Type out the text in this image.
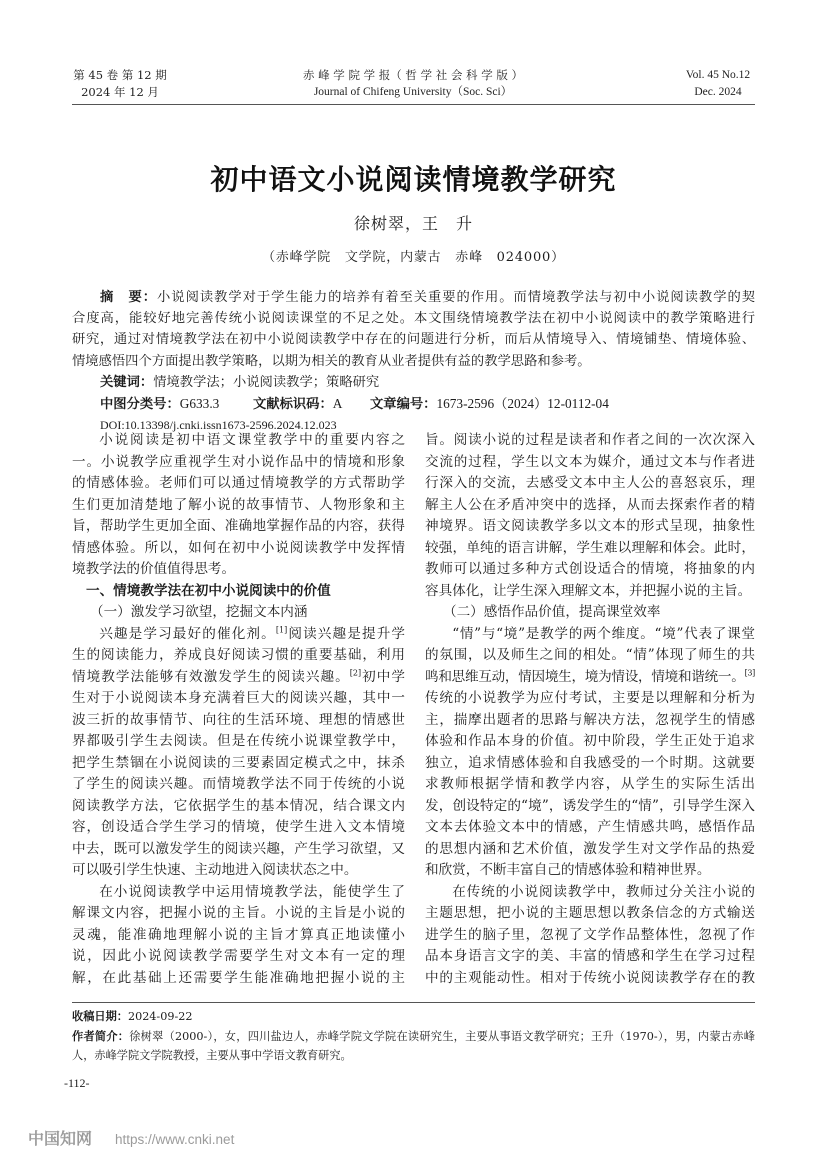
第 45 卷 第 12 期
2024 年 12 月
赤 峰 学 院 学 报（ 哲 学 社 会 科 学 版 ）
Journal of Chifeng University（Soc. Sci）
Vol. 45 No.12
Dec. 2024
初中语文小说阅读情境教学研究
徐树翠，王　升
（赤峰学院　文学院，内蒙古　赤峰　024000）
摘　要：小说阅读教学对于学生能力的培养有着至关重要的作用。而情境教学法与初中小说阅读教学的契
合度高，能较好地完善传统小说阅读课堂的不足之处。本文围绕情境教学法在初中小说阅读中的教学策略进行
研究，通过对情境教学法在初中小说阅读教学中存在的问题进行分析，而后从情境导入、情境铺垫、情境体验、
情境感悟四个方面提出教学策略，以期为相关的教育从业者提供有益的教学思路和参考。
关键词：情境教学法；小说阅读教学；策略研究
中图分类号：G633.3	文献标识码：A 文章编号：1673-2596（2024）12-0112-04
DOI:10.13398/j.cnki.issn1673-2596.2024.12.023
小说阅读是初中语文课堂教学中的重要内容之
一。小说教学应重视学生对小说作品中的情境和形象
的情感体验。老师们可以通过情境教学的方式帮助学
生们更加清楚地了解小说的故事情节、人物形象和主
旨，帮助学生更加全面、准确地掌握作品的内容，获得
情感体验。所以，如何在初中小说阅读教学中发挥情
境教学法的价值值得思考。
一、情境教学法在初中小说阅读中的价值
（一）激发学习欲望，挖掘文本内涵
兴趣是学习最好的催化剂。[1]阅读兴趣是提升学
生的阅读能力，养成良好阅读习惯的重要基础，利用
情境教学法能够有效激发学生的阅读兴趣。[2]初中学
生对于小说阅读本身充满着巨大的阅读兴趣，其中一
波三折的故事情节、向往的生活环境、理想的情感世
界都吸引学生去阅读。但是在传统小说课堂教学中，
把学生禁锢在小说阅读的三要素固定模式之中，抹杀
了学生的阅读兴趣。而情境教学法不同于传统的小说
阅读教学方法，它依据学生的基本情况，结合课文内
容，创设适合学生学习的情境，使学生进入文本情境
中去，既可以激发学生的阅读兴趣，产生学习欲望，又
可以吸引学生快速、主动地进入阅读状态之中。
在小说阅读教学中运用情境教学法，能使学生了
解课文内容，把握小说的主旨。小说的主旨是小说的
灵魂，能准确地理解小说的主旨才算真正地读懂小
说，因此小说阅读教学需要学生对文本有一定的理
解，在此基础上还需要学生能准确地把握小说的主
旨。阅读小说的过程是读者和作者之间的一次次深入
交流的过程，学生以文本为媒介，通过文本与作者进
行深入的交流，去感受文本中主人公的喜怒哀乐，理
解主人公在矛盾冲突中的选择，从而去探索作者的精
神境界。语文阅读教学多以文本的形式呈现，抽象性
较强，单纯的语言讲解，学生难以理解和体会。此时，
教师可以通过多种方式创设适合的情境，将抽象的内
容具体化，让学生深入理解文本，并把握小说的主旨。
（二）感悟作品价值，提高课堂效率
“情”与“境”是教学的两个维度。“境”代表了课堂
的氛围，以及师生之间的相处。“情”体现了师生的共
鸣和思维互动，情因境生，境为情设，情境和谐统一。[3]
传统的小说教学为应付考试，主要是以理解和分析为
主，揣摩出题者的思路与解决方法，忽视学生的情感
体验和作品本身的价值。初中阶段，学生正处于追求
独立，追求情感体验和自我感受的一个时期。这就要
求教师根据学情和教学内容，从学生的实际生活出
发，创设特定的“境”，诱发学生的“情”，引导学生深入
文本去体验文本中的情感，产生情感共鸣，感悟作品
的思想内涵和艺术价值，激发学生对文学作品的热爱
和欣赏，不断丰富自己的情感体验和精神世界。
在传统的小说阅读教学中，教师过分关注小说的
主题思想，把小说的主题思想以教条信念的方式输送
进学生的脑子里，忽视了文学作品整体性，忽视了作
品本身语言文字的美、丰富的情感和学生在学习过程
中的主观能动性。相对于传统小说阅读教学存在的教
收稿日期：2024-09-22
作者简介：徐树翠（2000-），女，四川盐边人，赤峰学院文学院在读研究生，主要从事语文教学研究；王升（1970-），男，内蒙古赤峰
人，赤峰学院文学院教授，主要从事中学语文教育研究。
-112-
中国知网 https://www.cnki.net
